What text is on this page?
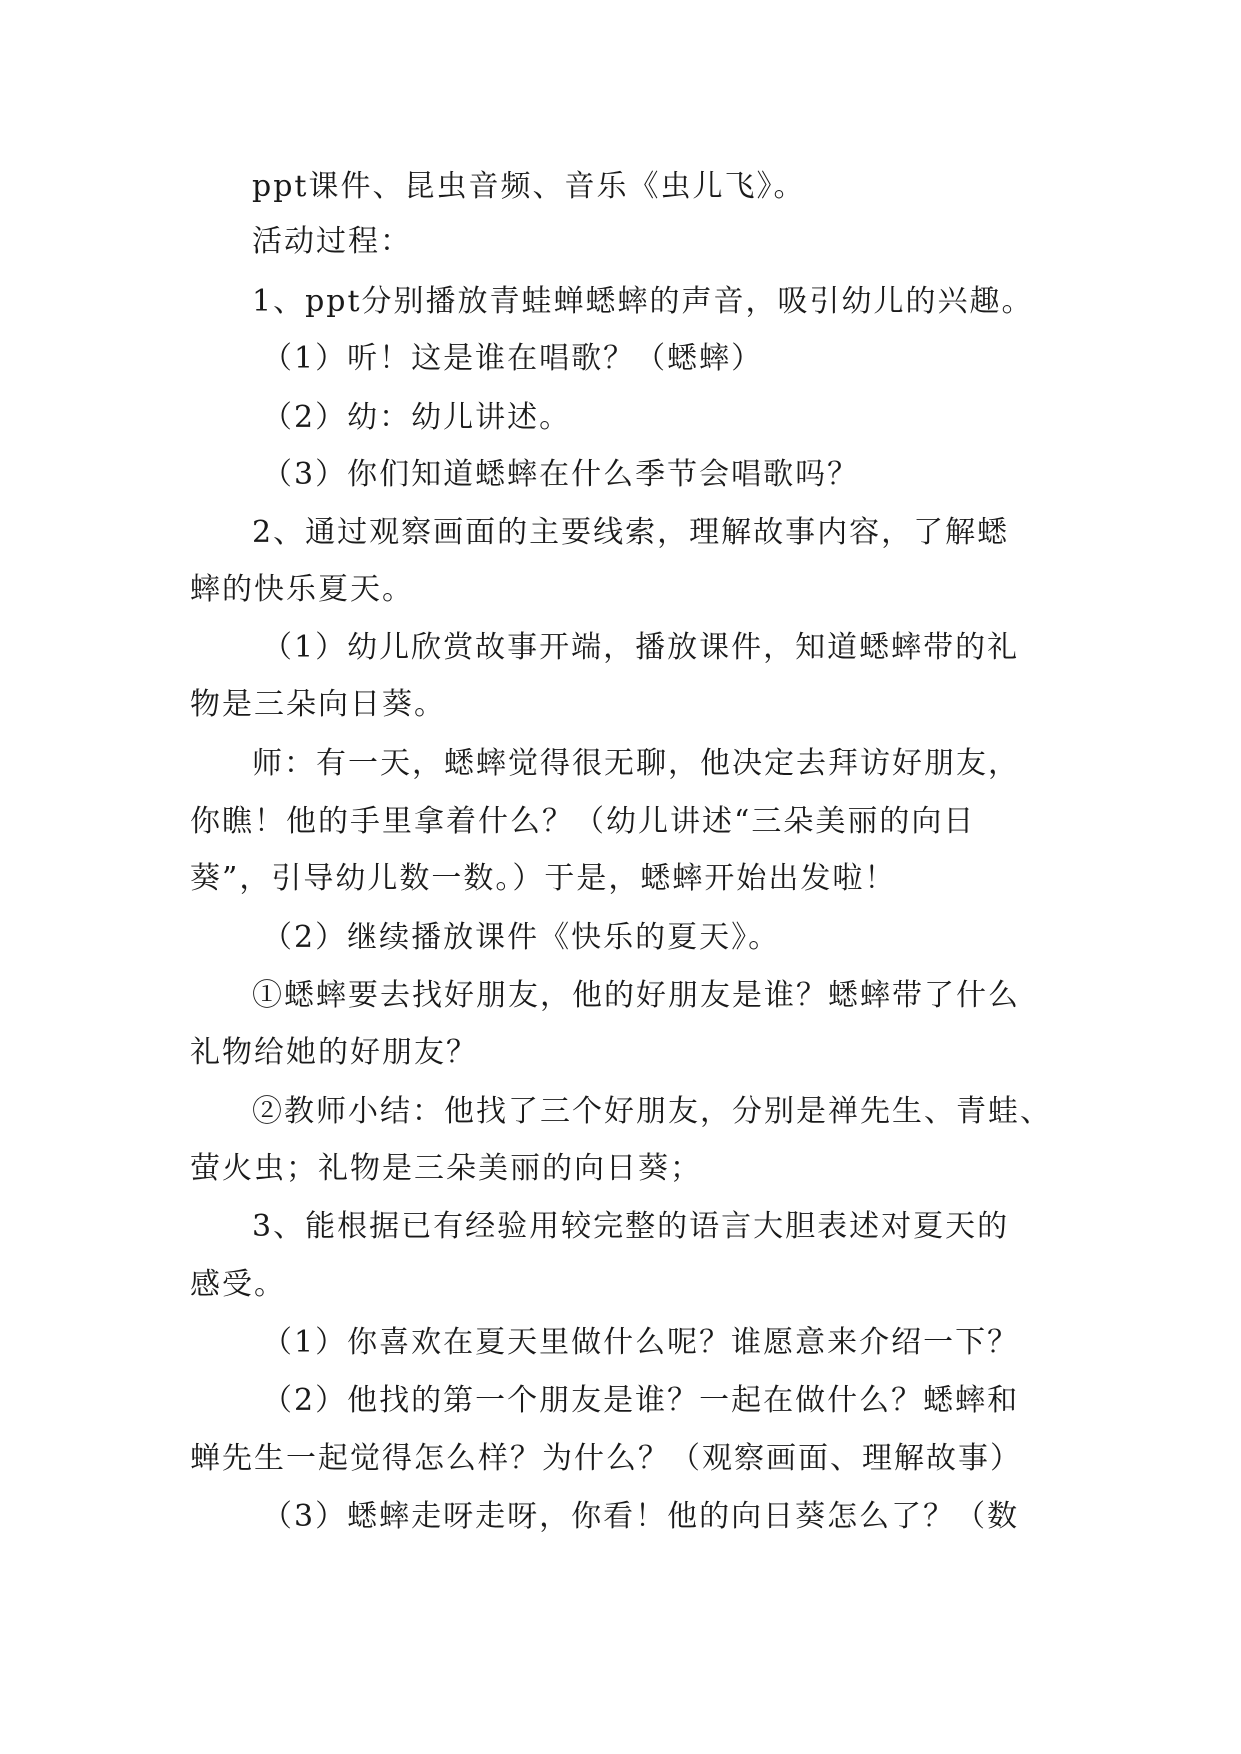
ppt课件、昆虫音频、音乐《虫儿飞》。
活动过程：
1、ppt分别播放青蛙蝉蟋蟀的声音，吸引幼儿的兴趣。
（1）听！这是谁在唱歌？（蟋蟀）
（2）幼：幼儿讲述。
（3）你们知道蟋蟀在什么季节会唱歌吗？
2、通过观察画面的主要线索，理解故事内容，了解蟋
蟀的快乐夏天。
（1）幼儿欣赏故事开端，播放课件，知道蟋蟀带的礼
物是三朵向日葵。
师：有一天，蟋蟀觉得很无聊，他决定去拜访好朋友，
你瞧！他的手里拿着什么？（幼儿讲述“三朵美丽的向日
葵”，引导幼儿数一数。）于是，蟋蟀开始出发啦！
（2）继续播放课件《快乐的夏天》。
①蟋蟀要去找好朋友，他的好朋友是谁？蟋蟀带了什么
礼物给她的好朋友？
②教师小结：他找了三个好朋友，分别是禅先生、青蛙、
萤火虫；礼物是三朵美丽的向日葵；
3、能根据已有经验用较完整的语言大胆表述对夏天的
感受。
（1）你喜欢在夏天里做什么呢？谁愿意来介绍一下？
（2）他找的第一个朋友是谁？一起在做什么？蟋蟀和
蝉先生一起觉得怎么样？为什么？（观察画面、理解故事）
（3）蟋蟀走呀走呀，你看！他的向日葵怎么了？（数
